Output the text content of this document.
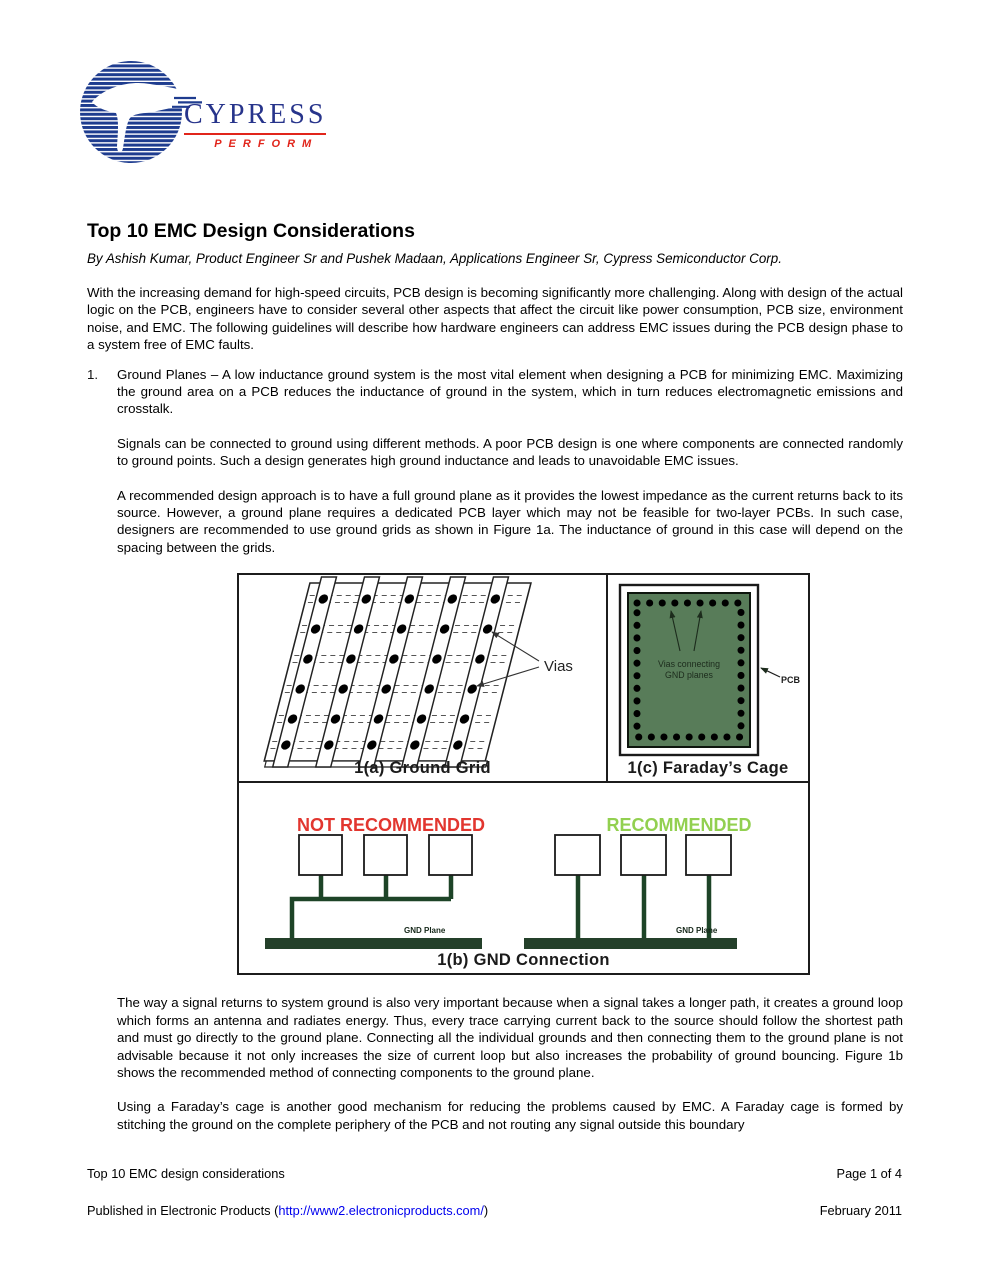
CYPRESS
PERFORM
Top 10 EMC Design Considerations
By Ashish Kumar, Product Engineer Sr and Pushek Madaan, Applications Engineer Sr, Cypress Semiconductor Corp.
With the increasing demand for high-speed circuits, PCB design is becoming significantly more challenging. Along with design of the actual logic on the PCB, engineers have to consider several other aspects that affect the circuit like power consumption, PCB size, environment noise, and EMC. The following guidelines will describe how hardware engineers can address EMC issues during the PCB design phase to a system free of EMC faults.
1.	Ground Planes – A low inductance ground system is the most vital element when designing a PCB for minimizing EMC. Maximizing the ground area on a PCB reduces the inductance of ground in the system, which in turn reduces electromagnetic emissions and crosstalk.

Signals can be connected to ground using different methods. A poor PCB design is one where components are connected randomly to ground points. Such a design generates high ground inductance and leads to unavoidable EMC issues.

A recommended design approach is to have a full ground plane as it provides the lowest impedance as the current returns back to its source. However, a ground plane requires a dedicated PCB layer which may not be feasible for two-layer PCBs. In such case, designers are recommended to use ground grids as shown in Figure 1a. The inductance of ground in this case will depend on the spacing between the grids.

Vias
1(a) Ground Grid
Vias connecting
GND planes	PCB
1(c) Faraday’s Cage
NOT RECOMMENDED	RECOMMENDED
GND Plane	GND Plane
1(b) GND Connection

The way a signal returns to system ground is also very important because when a signal takes a longer path, it creates a ground loop which forms an antenna and radiates energy. Thus, every trace carrying current back to the source should follow the shortest path and must go directly to the ground plane. Connecting all the individual grounds and then connecting them to the ground plane is not advisable because it not only increases the size of current loop but also increases the probability of ground bouncing. Figure 1b shows the recommended method of connecting components to the ground plane.

Using a Faraday’s cage is another good mechanism for reducing the problems caused by EMC. A Faraday cage is formed by stitching the ground on the complete periphery of the PCB and not routing any signal outside this boundary

Top 10 EMC design considerations	Page 1 of 4
Published in Electronic Products (http://www2.electronicproducts.com/)	February 2011
